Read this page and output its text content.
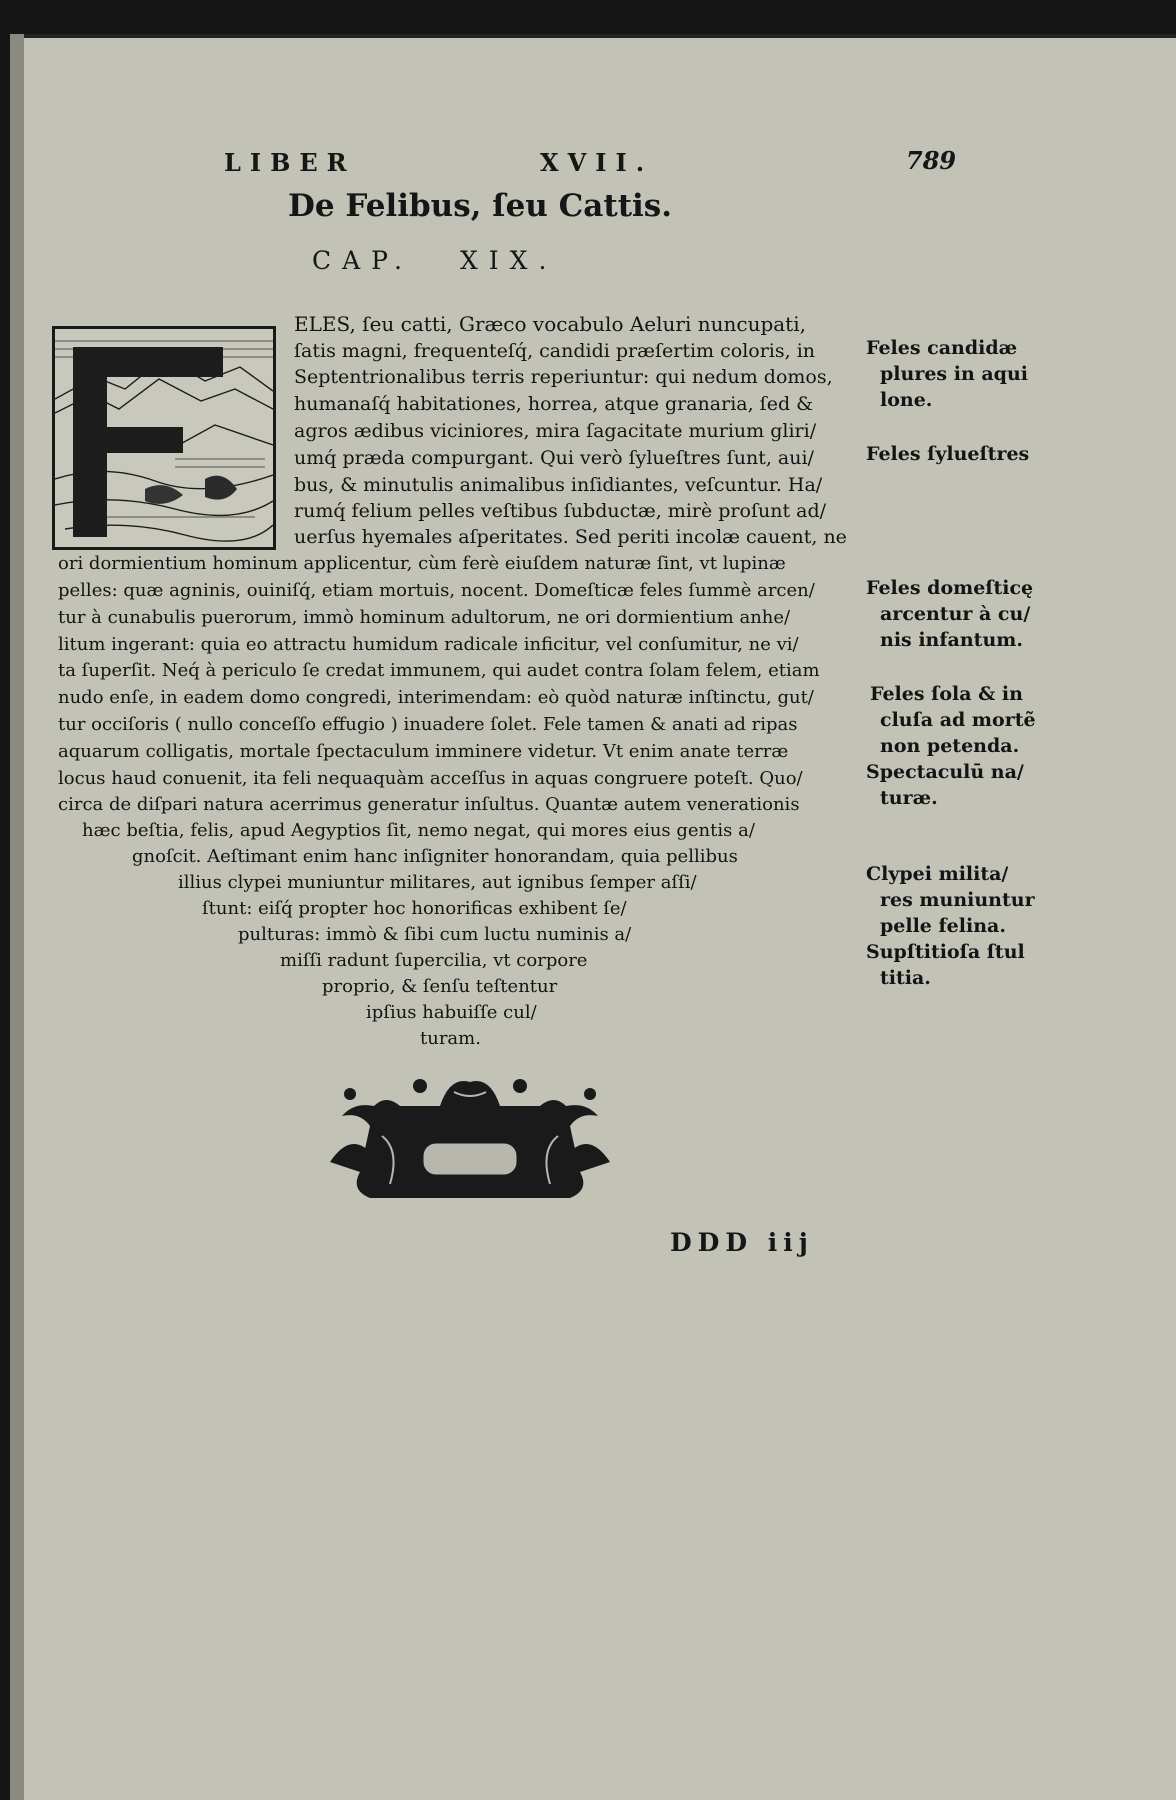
LIBER	XVII.	789
De Felibus, ſeu Cattis.
CAP. XIX.
ELES, ſeu catti, Græco vocabulo Aeluri nuncupati,
ſatis magni, frequenteſq́, candidi præſertim coloris, in
Septentrionalibus terris reperiuntur: qui nedum domos,
humanaſq́ habitationes, horrea, atque granaria, ſed &
agros ædibus viciniores, mira ſagacitate murium gliri/
umq́ præda compurgant. Qui verò ſylueſtres ſunt, aui/
bus, & minutulis animalibus inſidiantes, veſcuntur. Ha/
rumq́ felium pelles veſtibus ſubductæ, mirè proſunt ad/
uerſus hyemales aſperitates. Sed periti incolæ cauent, ne
ori dormientium hominum applicentur, cùm ferè eiuſdem naturæ ſint, vt lupinæ
pelles: quæ agninis, ouiniſq́, etiam mortuis, nocent. Domeſticæ feles ſummè arcen/
tur à cunabulis puerorum, immò hominum adultorum, ne ori dormientium anhe/
litum ingerant: quia eo attractu humidum radicale inficitur, vel conſumitur, ne vi/
ta ſuperſit. Neq́ à periculo ſe credat immunem, qui audet contra ſolam felem, etiam
nudo enſe, in eadem domo congredi, interimendam: eò quòd naturæ inſtinctu, gut/
tur occiſoris ( nullo conceſſo effugio ) inuadere ſolet. Fele tamen & anati ad ripas
aquarum colligatis, mortale ſpectaculum imminere videtur. Vt enim anate terræ
locus haud conuenit, ita feli nequaquàm acceſſus in aquas congruere poteſt. Quo/
circa de diſpari natura acerrimus generatur inſultus. Quantæ autem venerationis
hæc beſtia, felis, apud Aegyptios ſit, nemo negat, qui mores eius gentis a/
gnoſcit. Aeſtimant enim hanc inſigniter honorandam, quia pellibus
illius clypei muniuntur militares, aut ignibus ſemper aſſi/
ſtunt: eiſq́ propter hoc honorificas exhibent ſe/
pulturas: immò & ſibi cum luctu numinis a/
miſſi radunt ſupercilia, vt corpore
proprio, & ſenſu teſtentur
ipſius habuiſſe cul/
turam.
Feles candidæ
plures in aqui
lone.
Feles ſylueſtres
Feles domeſticę
arcentur à cu/
nis infantum.
Feles ſola & in
cluſa ad mortẽ
non petenda.
Spectaculū na/
turæ.
Clypei milita/
res muniuntur
pelle felina.
Supſtitioſa ſtul
titia.
DDD iij
